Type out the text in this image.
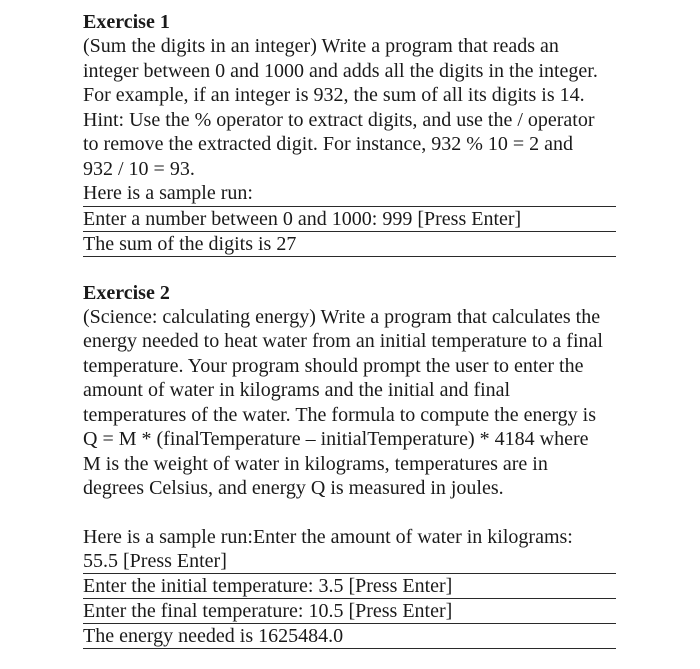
Exercise 1

(Sum the digits in an integer) Write a program that reads an

integer between 0 and 1000 and adds all the digits in the integer.

For example, if an integer is 932, the sum of all its digits is 14.

Hint: Use the % operator to extract digits, and use the / operator

to remove the extracted digit. For instance, 932 % 10 = 2 and

932 / 10 = 93.

Here is a sample run:

Enter a number between 0 and 1000: 999 [Press Enter]

The sum of the digits is 27

Exercise 2

(Science: calculating energy) Write a program that calculates the

energy needed to heat water from an initial temperature to a final

temperature. Your program should prompt the user to enter the

amount of water in kilograms and the initial and final

temperatures of the water. The formula to compute the energy is

Q = M * (finalTemperature – initialTemperature) * 4184 where

M is the weight of water in kilograms, temperatures are in

degrees Celsius, and energy Q is measured in joules.

Here is a sample run:Enter the amount of water in kilograms:

55.5 [Press Enter]

Enter the initial temperature: 3.5 [Press Enter]

Enter the final temperature: 10.5 [Press Enter]

The energy needed is 1625484.0
